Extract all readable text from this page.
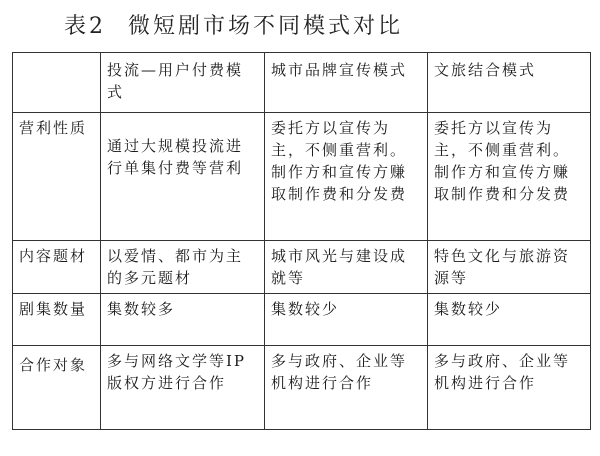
表2 微短剧市场不同模式对比
	投流—用户付费模式	城市品牌宣传模式	文旅结合模式
营利性质	通过大规模投流进行单集付费等营利	委托方以宣传为主，不侧重营利。制作方和宣传方赚取制作费和分发费	委托方以宣传为主，不侧重营利。制作方和宣传方赚取制作费和分发费
内容题材	以爱情、都市为主的多元题材	城市风光与建设成就等	特色文化与旅游资源等
剧集数量	集数较多	集数较少	集数较少
合作对象	多与网络文学等IP版权方进行合作	多与政府、企业等机构进行合作	多与政府、企业等机构进行合作
